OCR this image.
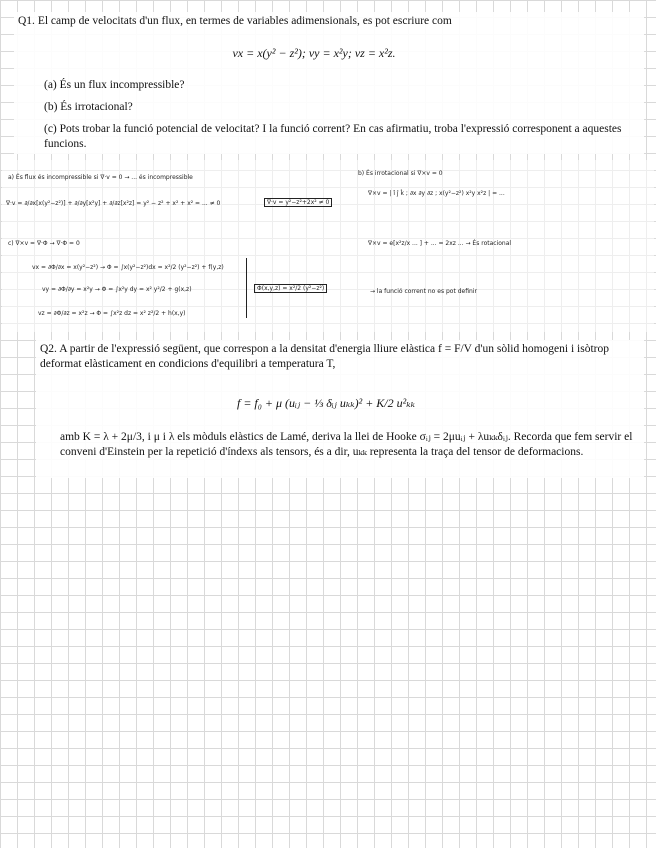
Q1. El camp de velocitats d'un flux, en termes de variables adimensionals, es pot escriure com
vx = x(y² − z²); vy = x²y; vz = x²z.
(a) És un flux incompressible?
(b) És irrotacional?
(c) Pots trobar la funció potencial de velocitat? I la funció corrent? En cas afirmatiu, troba l'expressió corresponent a aquestes funcions.
a) És flux és incompressible si ∇·v = 0 → ... és incompressible
∇·v = ∂/∂x[x(y²−z²)] + ∂/∂y[x²y] + ∂/∂z[x²z] = y² − z² + x² + x² = ... ≠ 0	∇·v = y²−z²+2x² ≠ 0
b) És irrotacional si ∇×v = 0
∇×v = | î ĵ k̂ ; ∂x ∂y ∂z ; x(y²−z²) x²y x²z | = ...
c) ∇×v = ∇·Φ → ∇·Φ = 0
vx = ∂Φ/∂x = x(y²−z²) → Φ = ∫x(y²−z²)dx = x²/2 (y²−z²) + f(y,z)
vy = ∂Φ/∂y = x²y → Φ = ∫x²y dy = x² y²/2 + g(x,z)
vz = ∂Φ/∂z = x²z → Φ = ∫x²z dz = x² z²/2 + h(x,y)
Φ(x,y,z) = x²/2 (y²−z²)
∇×v = e[x²z/x ... ] + ... = 2xz ... → És rotacional
→ la funció corrent no es pot definir
Q2. A partir de l'expressió següent, que correspon a la densitat d'energia lliure elàstica f = F/V d'un sòlid homogeni i isòtrop deformat elàsticament en condicions d'equilibri a temperatura T,
f = f₀ + μ (uᵢⱼ − ⅓ δᵢⱼ uₖₖ)² + K/2 u²ₖₖ
amb K = λ + 2μ/3, i μ i λ els mòduls elàstics de Lamé, deriva la llei de Hooke σᵢⱼ = 2μuᵢⱼ + λuₖₖδᵢⱼ. Recorda que fem servir el conveni d'Einstein per la repetició d'índexs als tensors, és a dir, uₖₖ representa la traça del tensor de deformacions.
